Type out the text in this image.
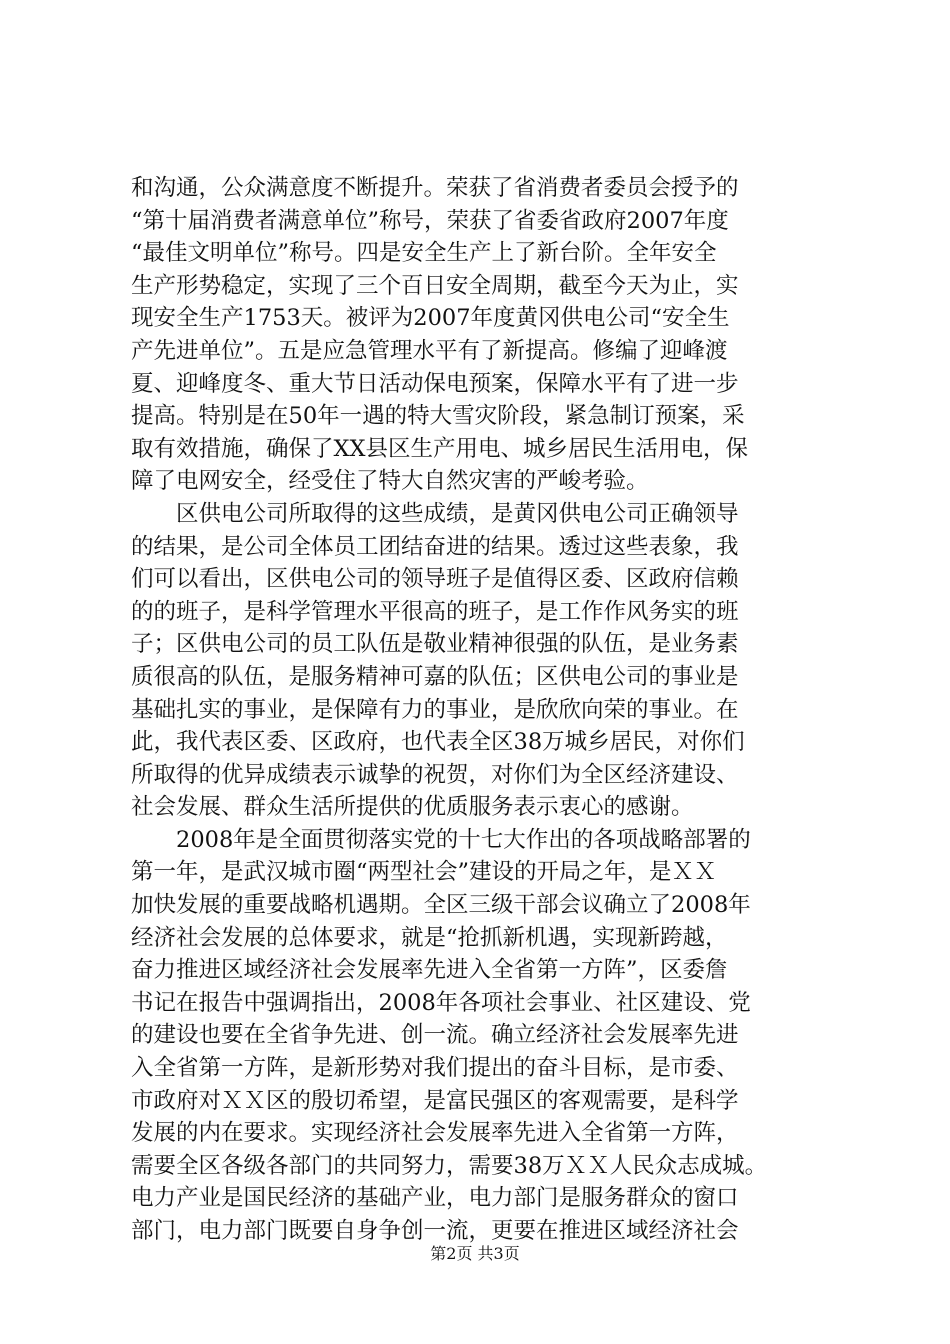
和沟通，公众满意度不断提升。荣获了省消费者委员会授予的
“第十届消费者满意单位”称号，荣获了省委省政府2007年度
“最佳文明单位”称号。四是安全生产上了新台阶。全年安全
生产形势稳定，实现了三个百日安全周期，截至今天为止，实
现安全生产1753天。被评为2007年度黄冈供电公司“安全生
产先进单位”。五是应急管理水平有了新提高。修编了迎峰渡
夏、迎峰度冬、重大节日活动保电预案，保障水平有了进一步
提高。特别是在50年一遇的特大雪灾阶段，紧急制订预案，采
取有效措施，确保了XX县区生产用电、城乡居民生活用电，保
障了电网安全，经受住了特大自然灾害的严峻考验。
　　区供电公司所取得的这些成绩，是黄冈供电公司正确领导
的结果，是公司全体员工团结奋进的结果。透过这些表象，我
们可以看出，区供电公司的领导班子是值得区委、区政府信赖
的的班子，是科学管理水平很高的班子，是工作作风务实的班
子；区供电公司的员工队伍是敬业精神很强的队伍，是业务素
质很高的队伍，是服务精神可嘉的队伍；区供电公司的事业是
基础扎实的事业，是保障有力的事业，是欣欣向荣的事业。在
此，我代表区委、区政府，也代表全区38万城乡居民，对你们
所取得的优异成绩表示诚挚的祝贺，对你们为全区经济建设、
社会发展、群众生活所提供的优质服务表示衷心的感谢。
　　2008年是全面贯彻落实党的十七大作出的各项战略部署的
第一年，是武汉城市圈“两型社会”建设的开局之年，是ＸＸ
加快发展的重要战略机遇期。全区三级干部会议确立了2008年
经济社会发展的总体要求，就是“抢抓新机遇，实现新跨越，
奋力推进区域经济社会发展率先进入全省第一方阵”，区委詹
书记在报告中强调指出，2008年各项社会事业、社区建设、党
的建设也要在全省争先进、创一流。确立经济社会发展率先进
入全省第一方阵，是新形势对我们提出的奋斗目标，是市委、
市政府对ＸＸ区的殷切希望，是富民强区的客观需要，是科学
发展的内在要求。实现经济社会发展率先进入全省第一方阵，
需要全区各级各部门的共同努力，需要38万ＸＸ人民众志成城。
电力产业是国民经济的基础产业，电力部门是服务群众的窗口
部门，电力部门既要自身争创一流，更要在推进区域经济社会
第2页 共3页
